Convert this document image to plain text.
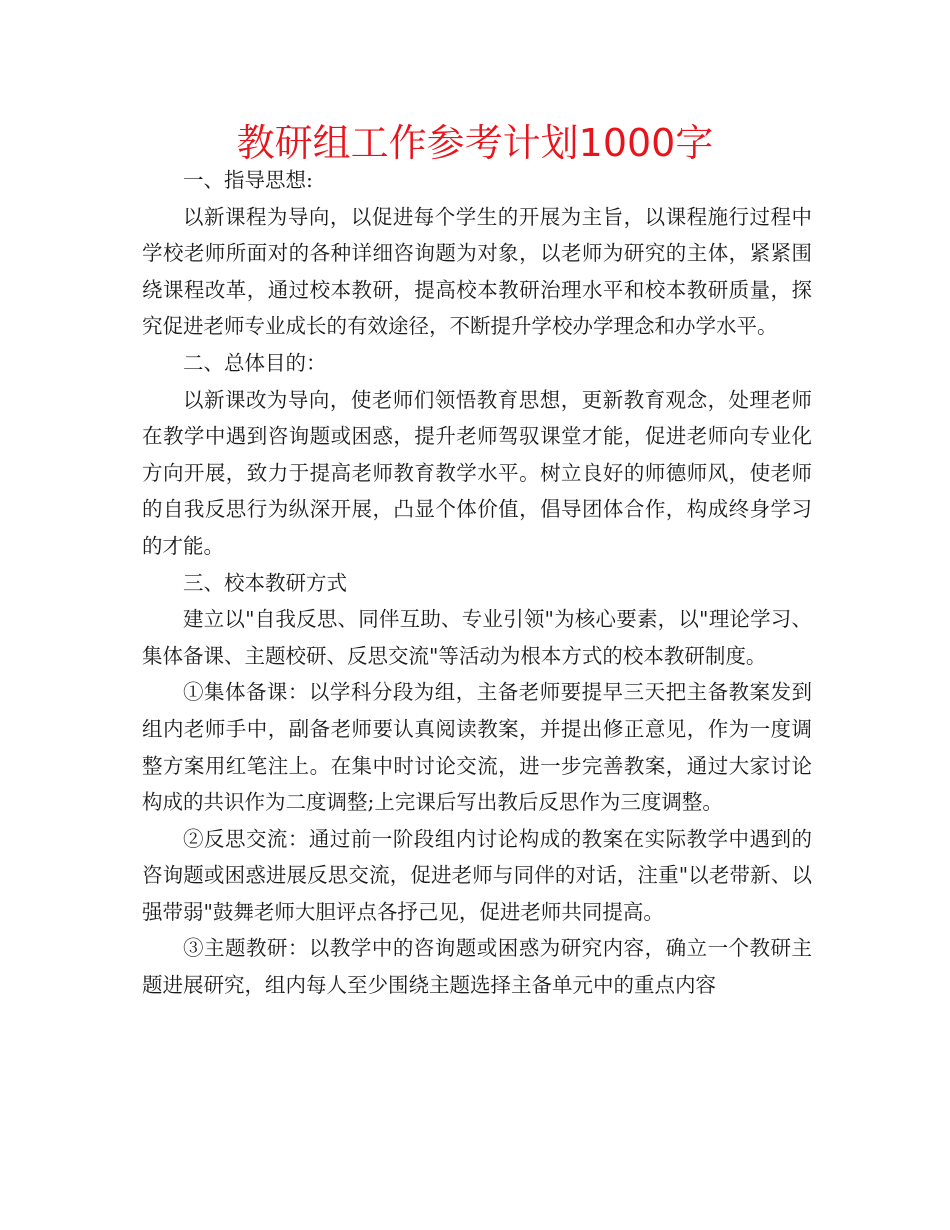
教研组工作参考计划1000字

一、指导思想:

以新课程为导向，以促进每个学生的开展为主旨，以课程施行过程中学校老师所面对的各种详细咨询题为对象，以老师为研究的主体，紧紧围绕课程改革，通过校本教研，提高校本教研治理水平和校本教研质量，探究促进老师专业成长的有效途径，不断提升学校办学理念和办学水平。

二、总体目的：

以新课改为导向，使老师们领悟教育思想，更新教育观念，处理老师在教学中遇到咨询题或困惑，提升老师驾驭课堂才能，促进老师向专业化方向开展，致力于提高老师教育教学水平。树立良好的师德师风，使老师的自我反思行为纵深开展，凸显个体价值，倡导团体合作，构成终身学习的才能。

三、校本教研方式

建立以"自我反思、同伴互助、专业引领"为核心要素，以"理论学习、集体备课、主题校研、反思交流"等活动为根本方式的校本教研制度。

①集体备课：以学科分段为组，主备老师要提早三天把主备教案发到组内老师手中，副备老师要认真阅读教案，并提出修正意见，作为一度调整方案用红笔注上。在集中时讨论交流，进一步完善教案，通过大家讨论构成的共识作为二度调整;上完课后写出教后反思作为三度调整。

②反思交流：通过前一阶段组内讨论构成的教案在实际教学中遇到的咨询题或困惑进展反思交流，促进老师与同伴的对话，注重"以老带新、以强带弱"鼓舞老师大胆评点各抒己见，促进老师共同提高。

③主题教研：以教学中的咨询题或困惑为研究内容，确立一个教研主题进展研究，组内每人至少围绕主题选择主备单元中的重点内容
